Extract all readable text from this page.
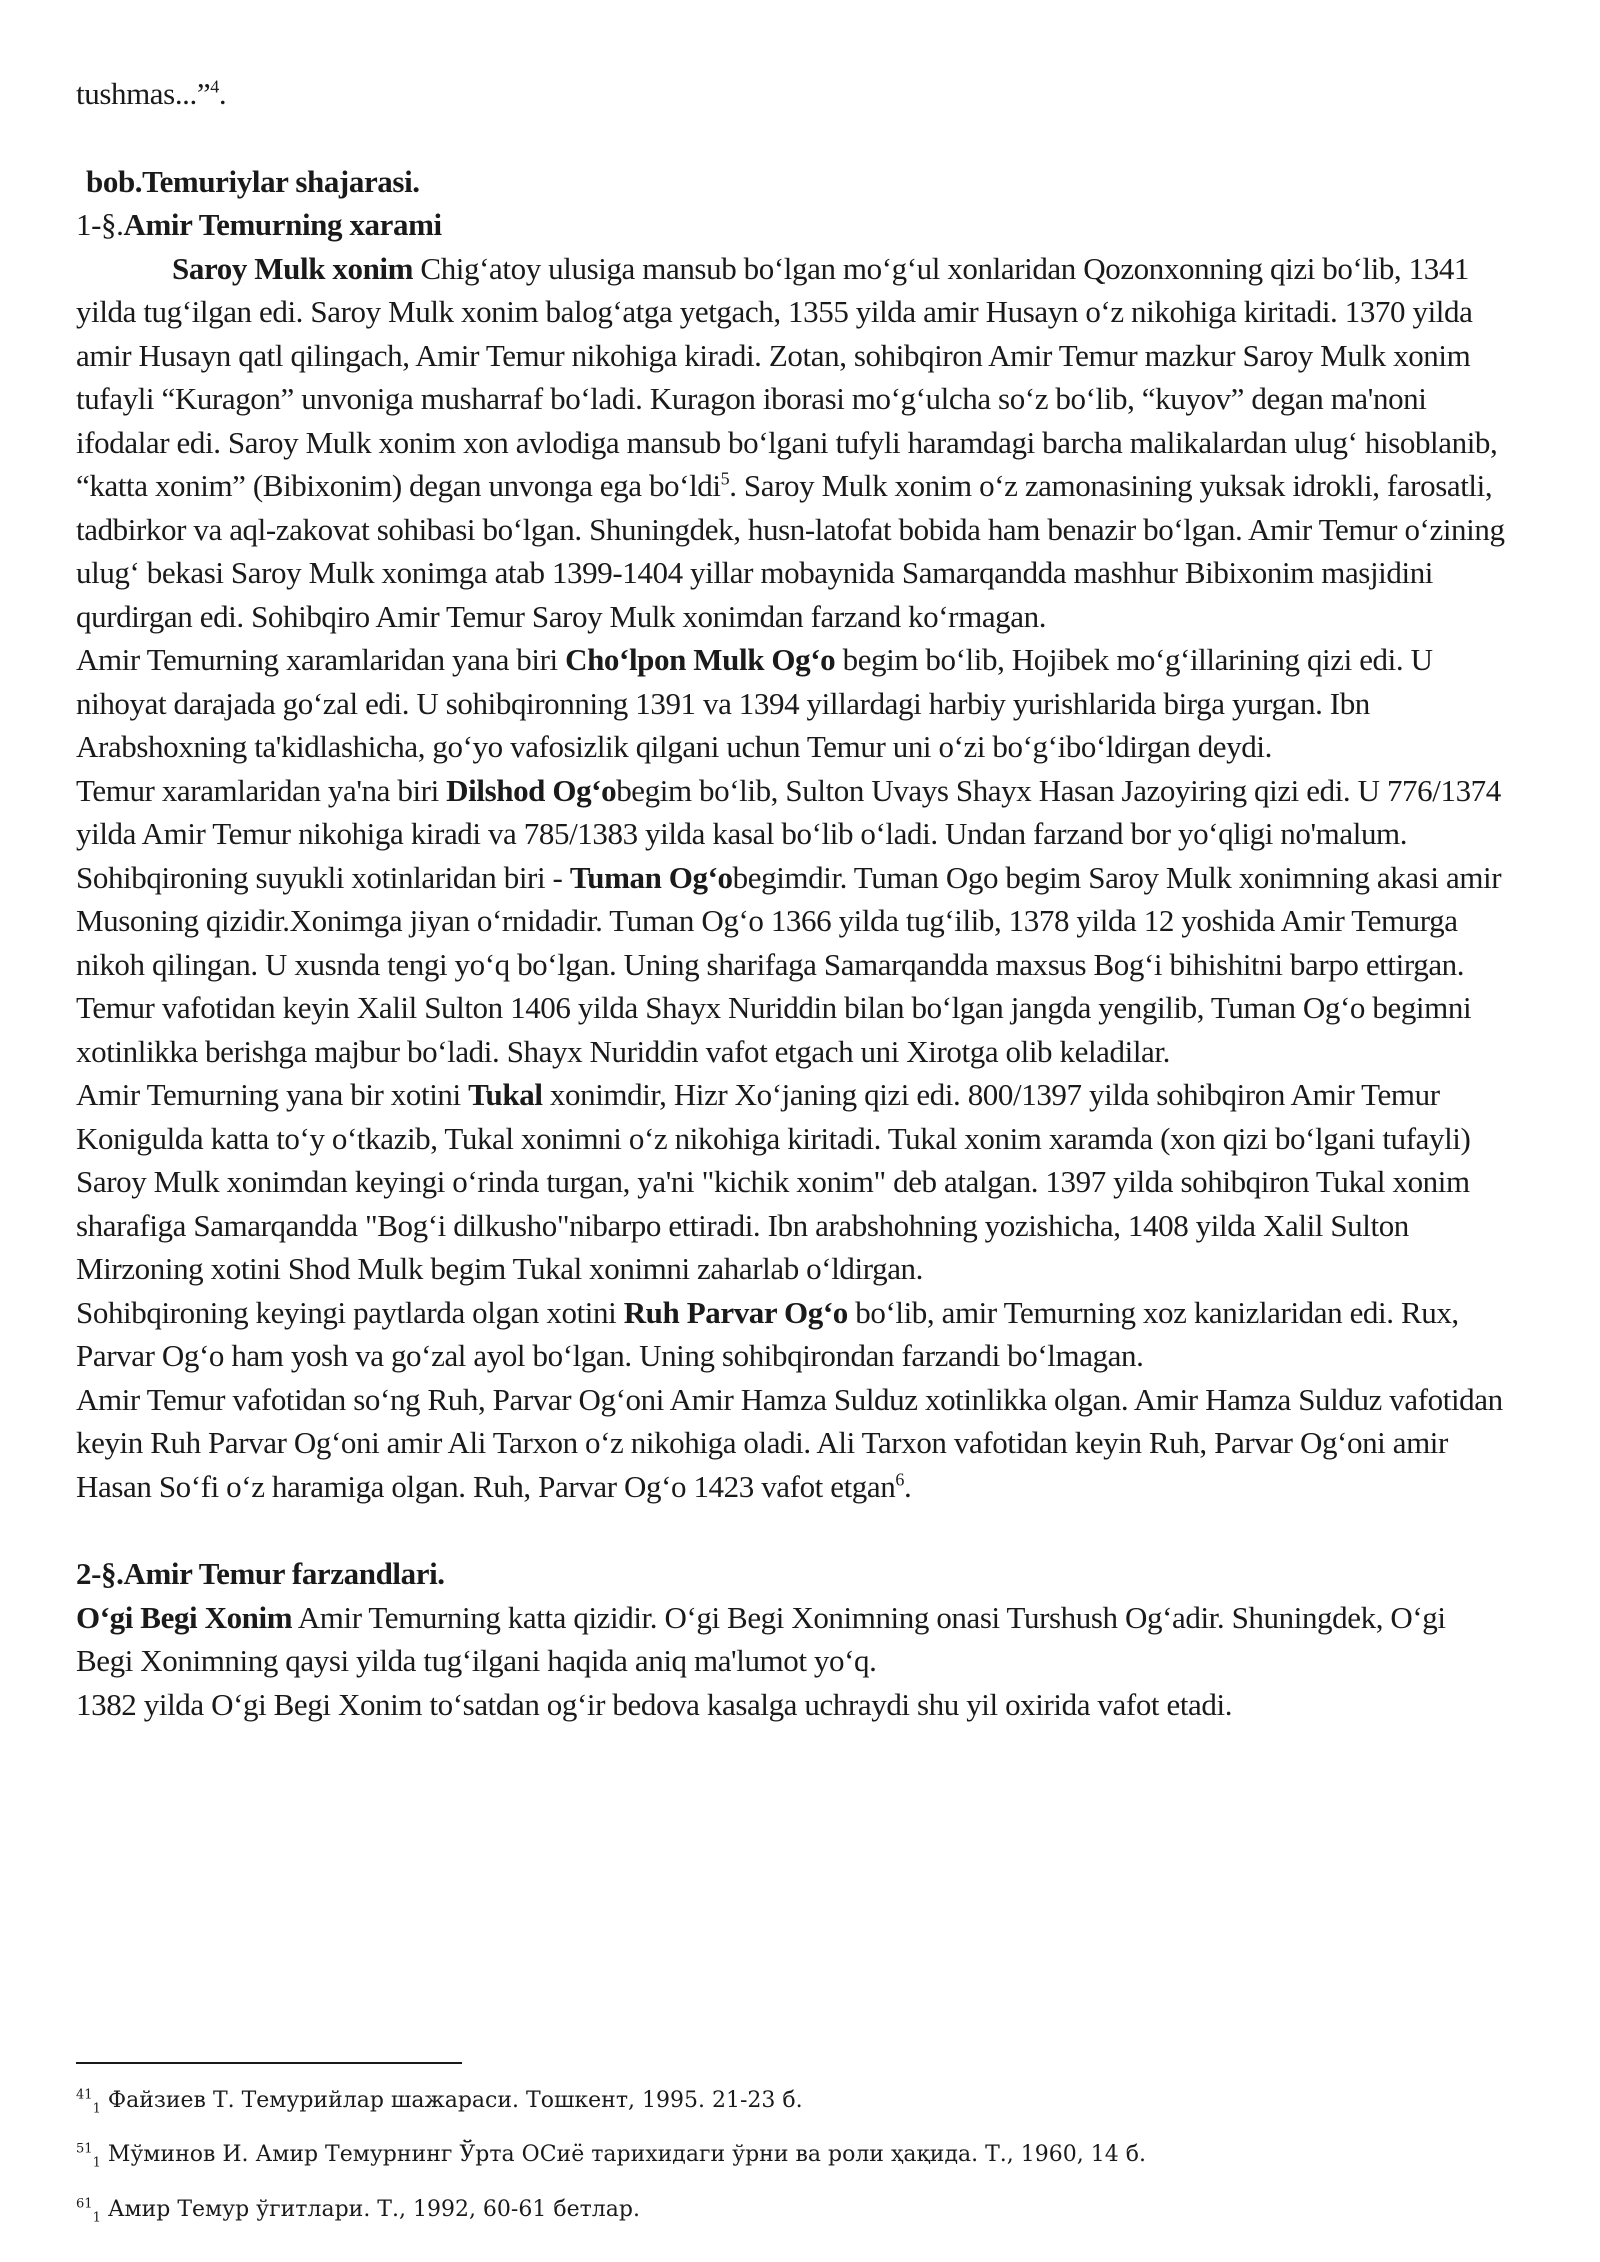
tushmas...”$^4$.

bob.Temuriylar shajarasi.

1-§.Amir Temurning xarami

Saroy Mulk xonim Chig‘atoy ulusiga mansub bo‘lgan mo‘g‘ul xonlaridan Qozonxonning qizi bo‘lib, 1341 yilda tug‘ilgan edi. Saroy Mulk xonim balog‘atga yetgach, 1355 yilda amir Husayn o‘z nikohiga kiritadi. 1370 yilda amir Husayn qatl qilingach, Amir Temur nikohiga kiradi. Zotan, sohibqiron Amir Temur mazkur Saroy Mulk xonim tufayli “Kuragon” unvoniga musharraf bo‘ladi. Kuragon iborasi mo‘g‘ulcha so‘z bo‘lib, “kuyov” degan ma'noni ifodalar edi. Saroy Mulk xonim xon avlodiga mansub bo‘lgani tufyli haramdagi barcha malikalardan ulug‘ hisoblanib, “katta xonim” (Bibixonim) degan unvonga ega bo‘ldi$^5$. Saroy Mulk xonim o‘z zamonasining yuksak idrokli, farosatli, tadbirkor va aql-zakovat sohibasi bo‘lgan. Shuningdek, husn-latofat bobida ham benazir bo‘lgan. Amir Temur o‘zining ulug‘ bekasi Saroy Mulk xonimga atab 1399-1404 yillar mobaynida Samarqandda mashhur Bibixonim masjidini qurdirgan edi. Sohibqiro Amir Temur Saroy Mulk xonimdan farzand ko‘rmagan.

Amir Temurning xaramlaridan yana biri Cho‘lpon Mulk Og‘o begim bo‘lib, Hojibek mo‘g‘illarining qizi edi. U nihoyat darajada go‘zal edi. U sohibqironning 1391 va 1394 yillardagi harbiy yurishlarida birga yurgan. Ibn Arabshoxning ta'kidlashicha, go‘yo vafosizlik qilgani uchun Temur uni o‘zi bo‘g‘ibo‘ldirgan deydi.

Temur xaramlaridan ya'na biri Dilshod Og‘obegim bo‘lib, Sulton Uvays Shayx Hasan Jazoyiring qizi edi. U 776/1374 yilda Amir Temur nikohiga kiradi va 785/1383 yilda kasal bo‘lib o‘ladi. Undan farzand bor yo‘qligi no'malum.

Sohibqironing suyukli xotinlaridan biri - Tuman Og‘obegimdir. Tuman Ogo begim Saroy Mulk xonimning akasi amir Musoning qizidir.Xonimga jiyan o‘rnidadir. Tuman Og‘o 1366 yilda tug‘ilib, 1378 yilda 12 yoshida Amir Temurga nikoh qilingan. U xusnda tengi yo‘q bo‘lgan. Uning sharifaga Samarqandda maxsus Bog‘i bihishitni barpo ettirgan. Temur vafotidan keyin Xalil Sulton 1406 yilda Shayx Nuriddin bilan bo‘lgan jangda yengilib, Tuman Og‘o begimni xotinlikka berishga majbur bo‘ladi. Shayx Nuriddin vafot etgach uni Xirotga olib keladilar.

Amir Temurning yana bir xotini Tukal xonimdir, Hizr Xo‘janing qizi edi. 800/1397 yilda sohibqiron Amir Temur Konigulda katta to‘y o‘tkazib, Tukal xonimni o‘z nikohiga kiritadi. Tukal xonim xaramda (xon qizi bo‘lgani tufayli) Saroy Mulk xonimdan keyingi o‘rinda turgan, ya'ni "kichik xonim" deb atalgan. 1397 yilda sohibqiron Tukal xonim sharafiga Samarqandda "Bog‘i dilkusho"nibarpo ettiradi. Ibn arabshohning yozishicha, 1408 yilda Xalil Sulton Mirzoning xotini Shod Mulk begim Tukal xonimni zaharlab o‘ldirgan.

Sohibqironing keyingi paytlarda olgan xotini Ruh Parvar Og‘o bo‘lib, amir Temurning xoz kanizlaridan edi. Rux, Parvar Og‘o ham yosh va go‘zal ayol bo‘lgan. Uning sohibqirondan farzandi bo‘lmagan.

Amir Temur vafotidan so‘ng Ruh, Parvar Og‘oni Amir Hamza Sulduz xotinlikka olgan. Amir Hamza Sulduz vafotidan keyin Ruh Parvar Og‘oni amir Ali Tarxon o‘z nikohiga oladi. Ali Tarxon vafotidan keyin Ruh, Parvar Og‘oni amir Hasan So‘fi o‘z haramiga olgan. Ruh, Parvar Og‘o 1423 vafot etgan$^6$.

2-§.Amir Temur farzandlari.

O‘gi Begi Xonim Amir Temurning katta qizidir. O‘gi Begi Xonimning onasi Turshush Og‘adir. Shuningdek, O‘gi Begi Xonimning qaysi yilda tug‘ilgani haqida aniq ma'lumot yo‘q.

1382 yilda O‘gi Begi Xonim to‘satdan og‘ir bedova kasalga uchraydi shu yil oxirida vafot etadi.

$^{41}_1$ Файзиев Т. Темурийлар шажараси. Тошкент, 1995. 21-23 б.

$^{51}_1$ Мўминов И. Амир Темурнинг Ўрта ОСиё тарихидаги ўрни ва роли ҳақида. Т., 1960, 14 б.

$^{61}_1$ Амир Темур ўгитлари. Т., 1992, 60-61 бетлар.
